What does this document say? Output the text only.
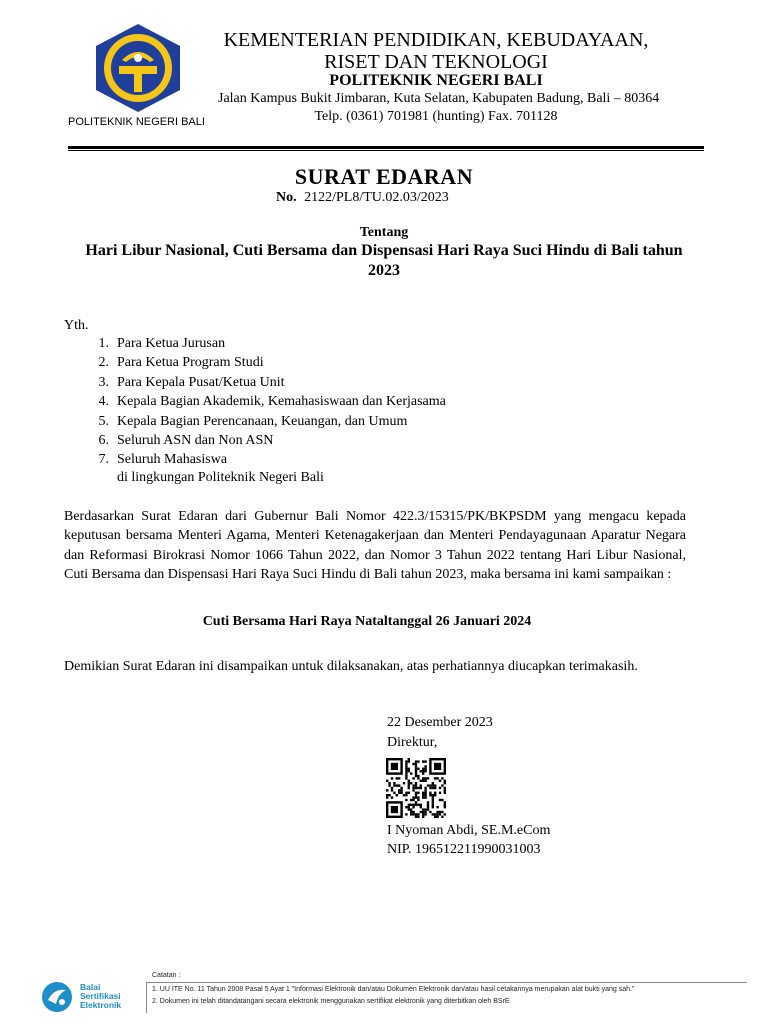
POLITEKNIK NEGERI BALI
KEMENTERIAN PENDIDIKAN, KEBUDAYAAN,
RISET DAN TEKNOLOGI
POLITEKNIK NEGERI BALI
Jalan Kampus Bukit Jimbaran, Kuta Selatan, Kabupaten Badung, Bali – 80364
Telp. (0361) 701981 (hunting) Fax. 701128
SURAT EDARAN
No. 2122/PL8/TU.02.03/2023
Tentang
Hari Libur Nasional, Cuti Bersama dan Dispensasi Hari Raya Suci Hindu di Bali tahun 2023
Yth.
1. Para Ketua Jurusan
2. Para Ketua Program Studi
3. Para Kepala Pusat/Ketua Unit
4. Kepala Bagian Akademik, Kemahasiswaan dan Kerjasama
5. Kepala Bagian Perencanaan, Keuangan, dan Umum
6. Seluruh ASN dan Non ASN
7. Seluruh Mahasiswa
di lingkungan Politeknik Negeri Bali
Berdasarkan Surat Edaran dari Gubernur Bali Nomor 422.3/15315/PK/BKPSDM yang mengacu kepada keputusan bersama Menteri Agama, Menteri Ketenagakerjaan dan Menteri Pendayagunaan Aparatur Negara dan Reformasi Birokrasi Nomor 1066 Tahun 2022, dan Nomor 3 Tahun 2022 tentang Hari Libur Nasional, Cuti Bersama dan Dispensasi Hari Raya Suci Hindu di Bali tahun 2023, maka bersama ini kami sampaikan :
Cuti Bersama Hari Raya Nataltanggal 26 Januari 2024
Demikian Surat Edaran ini disampaikan untuk dilaksanakan, atas perhatiannya diucapkan terimakasih.
22 Desember 2023
Direktur,
I Nyoman Abdi, SE.M.eCom
NIP. 196512211990031003
Balai
Sertifikasi
Elektronik
Catatan :
1. UU ITE No. 11 Tahun 2008 Pasal 5 Ayat 1 "Informasi Elektronik dan/atau Dokumen Elektronik dan/atau hasil cetakannya merupakan alat bukti yang sah."
2. Dokumen ini telah ditandatangani secara elektronik menggunakan sertifikat elektronik yang diterbitkan oleh BSrE
